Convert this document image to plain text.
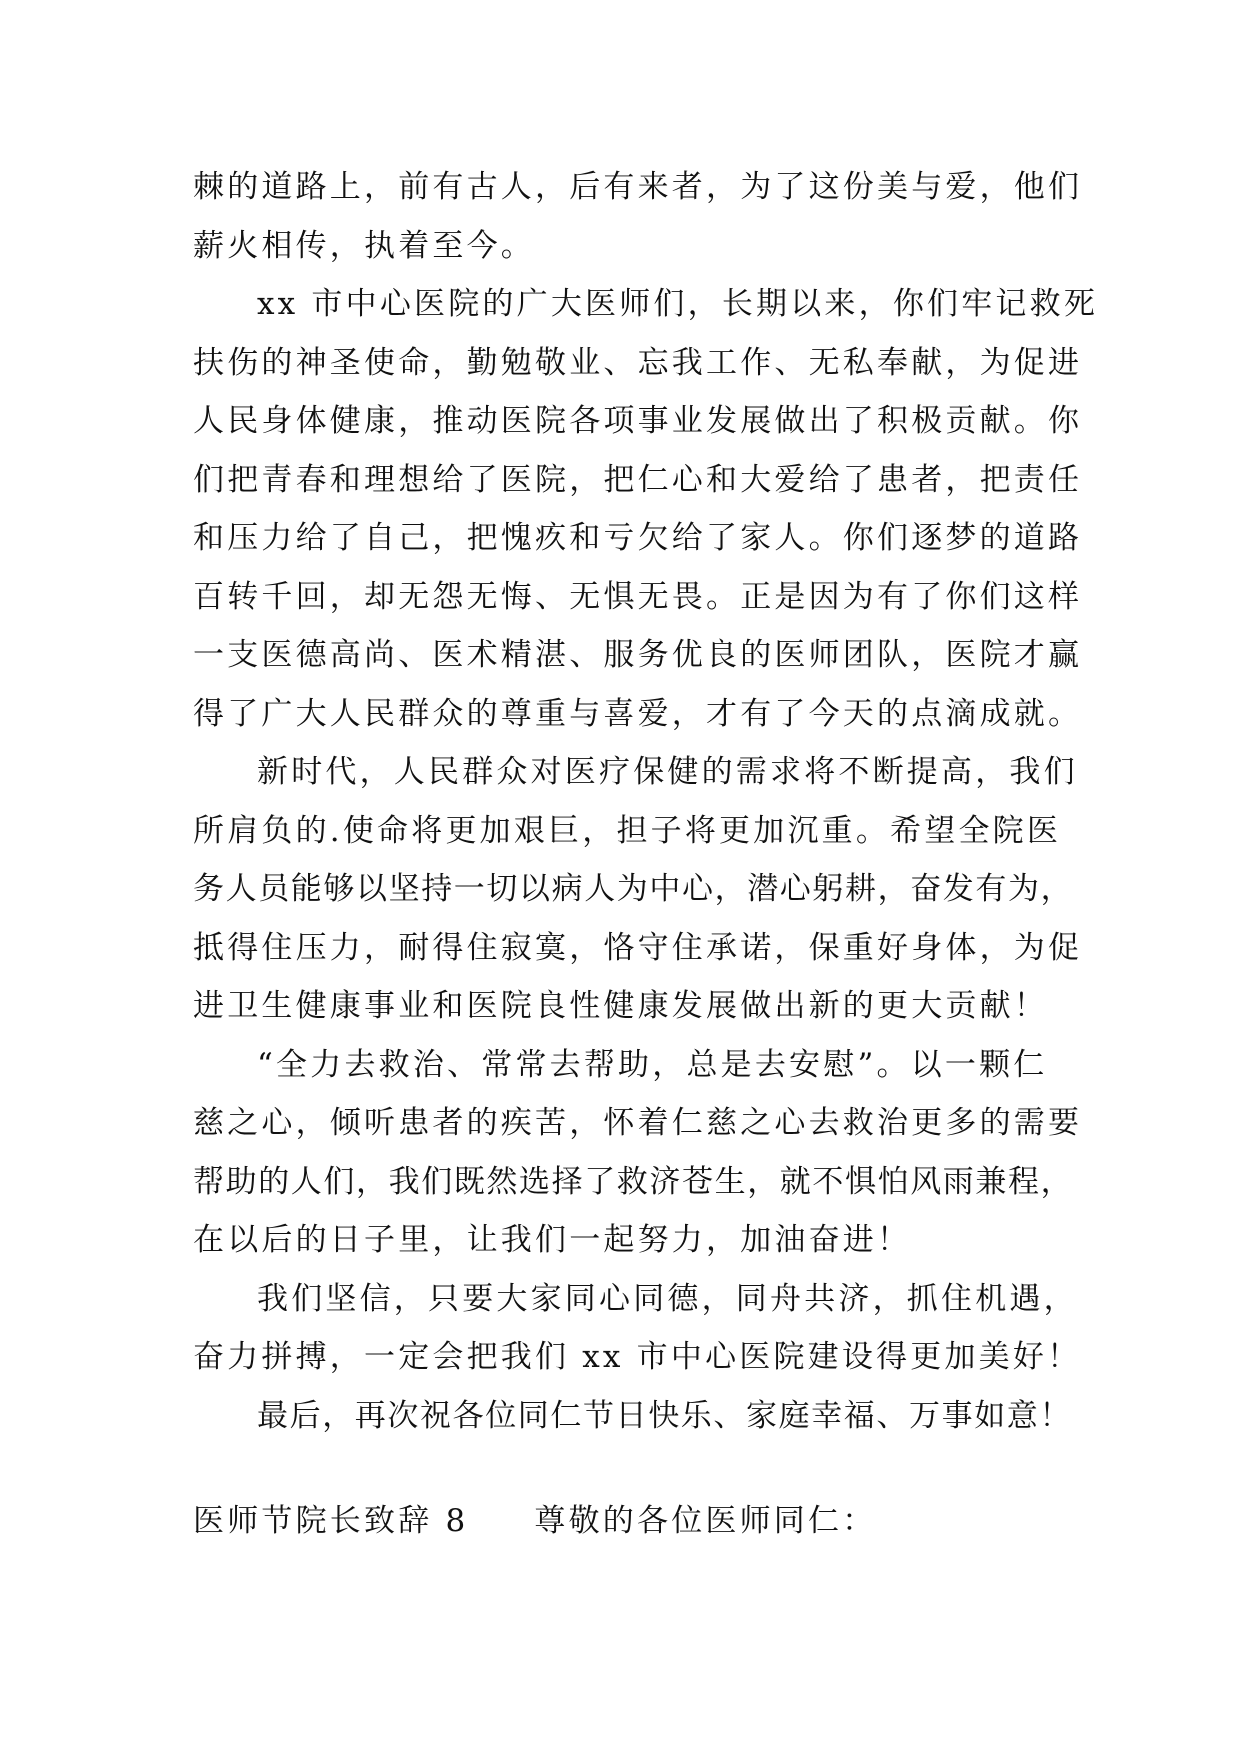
棘的道路上，前有古人，后有来者，为了这份美与爱，他们
薪火相传，执着至今。
xx 市中心医院的广大医师们，长期以来，你们牢记救死
扶伤的神圣使命，勤勉敬业、忘我工作、无私奉献，为促进
人民身体健康，推动医院各项事业发展做出了积极贡献。你
们把青春和理想给了医院，把仁心和大爱给了患者，把责任
和压力给了自己，把愧疚和亏欠给了家人。你们逐梦的道路
百转千回，却无怨无悔、无惧无畏。正是因为有了你们这样
一支医德高尚、医术精湛、服务优良的医师团队，医院才赢
得了广大人民群众的尊重与喜爱，才有了今天的点滴成就。
新时代，人民群众对医疗保健的需求将不断提高，我们
所肩负的.使命将更加艰巨，担子将更加沉重。希望全院医
务人员能够以坚持一切以病人为中心，潜心躬耕，奋发有为，
抵得住压力，耐得住寂寞，恪守住承诺，保重好身体，为促
进卫生健康事业和医院良性健康发展做出新的更大贡献！
“全力去救治、常常去帮助，总是去安慰”。以一颗仁
慈之心，倾听患者的疾苦，怀着仁慈之心去救治更多的需要
帮助的人们，我们既然选择了救济苍生，就不惧怕风雨兼程，
在以后的日子里，让我们一起努力，加油奋进！
我们坚信，只要大家同心同德，同舟共济，抓住机遇，
奋力拼搏，一定会把我们 xx 市中心医院建设得更加美好！
最后，再次祝各位同仁节日快乐、家庭幸福、万事如意！
医师节院长致辞 8 尊敬的各位医师同仁：
